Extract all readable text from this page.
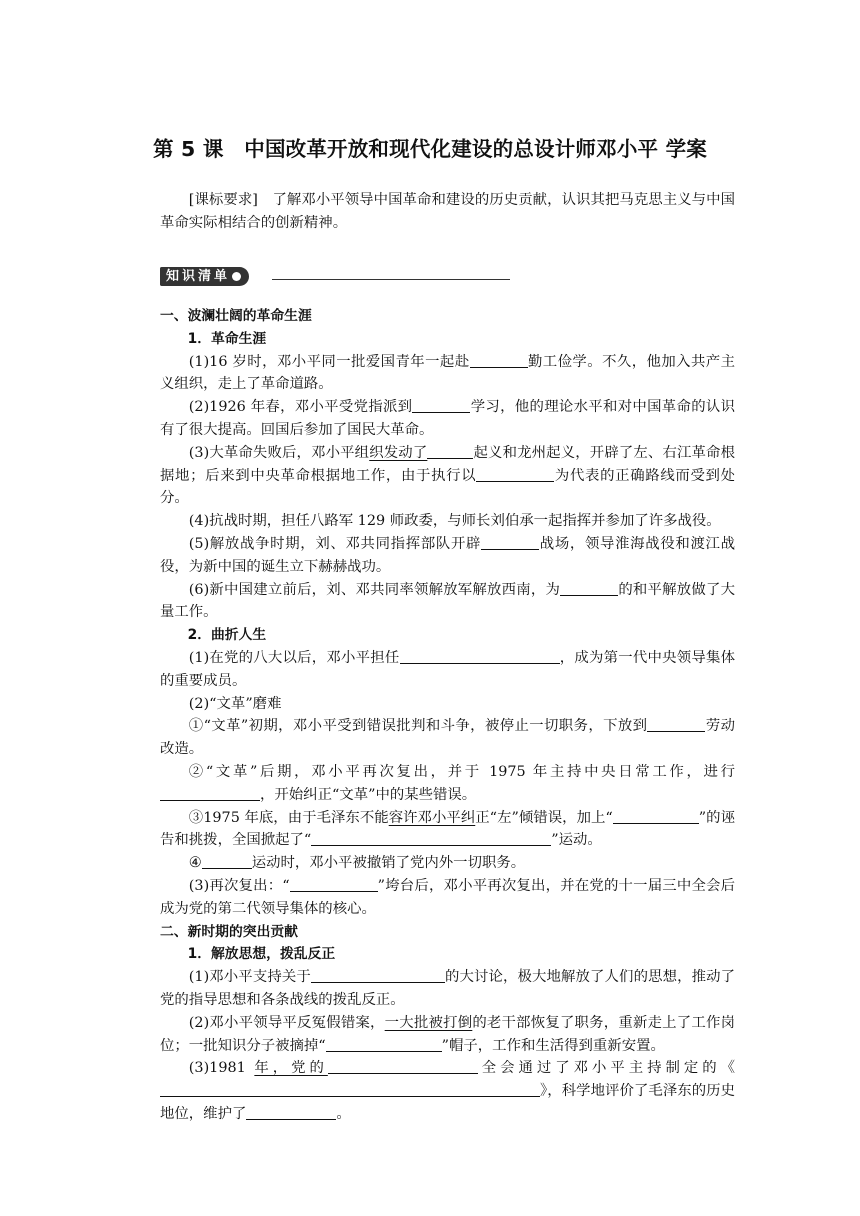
第 5 课　中国改革开放和现代化建设的总设计师邓小平 学案

[课标要求]　了解邓小平领导中国革命和建设的历史贡献，认识其把马克思主义与中国革命实际相结合的创新精神。

知识清单

一、波澜壮阔的革命生涯

1．革命生涯

(1)16 岁时，邓小平同一批爱国青年一起赴	勤工俭学。不久，他加入共产主义组织，走上了革命道路。

(2)1926 年春，邓小平受党指派到	学习，他的理论水平和对中国革命的认识有了很大提高。回国后参加了国民大革命。

(3)大革命失败后，邓小平组织发动了	起义和龙州起义，开辟了左、右江革命根据地；后来到中央革命根据地工作，由于执行以	为代表的正确路线而受到处分。

(4)抗战时期，担任八路军 129 师政委，与师长刘伯承一起指挥并参加了许多战役。

(5)解放战争时期，刘、邓共同指挥部队开辟	战场，领导淮海战役和渡江战役，为新中国的诞生立下赫赫战功。

(6)新中国建立前后，刘、邓共同率领解放军解放西南，为	的和平解放做了大量工作。

2．曲折人生

(1)在党的八大以后，邓小平担任	，成为第一代中央领导集体的重要成员。

(2)“文革”磨难

①“文革”初期，邓小平受到错误批判和斗争，被停止一切职务，下放到	劳动改造。

②“文革”后期，邓小平再次复出，并于 1975 年主持中央日常工作，进行，开始纠正“文革”中的某些错误。

③1975 年底，由于毛泽东不能容许邓小平纠正“左”倾错误，加上“	”的诬告和挑拨，全国掀起了“	”运动。

④	运动时，邓小平被撤销了党内外一切职务。

(3)再次复出：“	”垮台后，邓小平再次复出，并在党的十一届三中全会后成为党的第二代领导集体的核心。

二、新时期的突出贡献

1．解放思想，拨乱反正

(1)邓小平支持关于	的大讨论，极大地解放了人们的思想，推动了党的指导思想和各条战线的拨乱反正。

(2)邓小平领导平反冤假错案，一大批被打倒的老干部恢复了职务，重新走上了工作岗位；一批知识分子被摘掉“	”帽子，工作和生活得到重新安置。

(3)1981 年，党的	全会通过了邓小平主持制定的《》，科学地评价了毛泽东的历史地位，维护了	。
